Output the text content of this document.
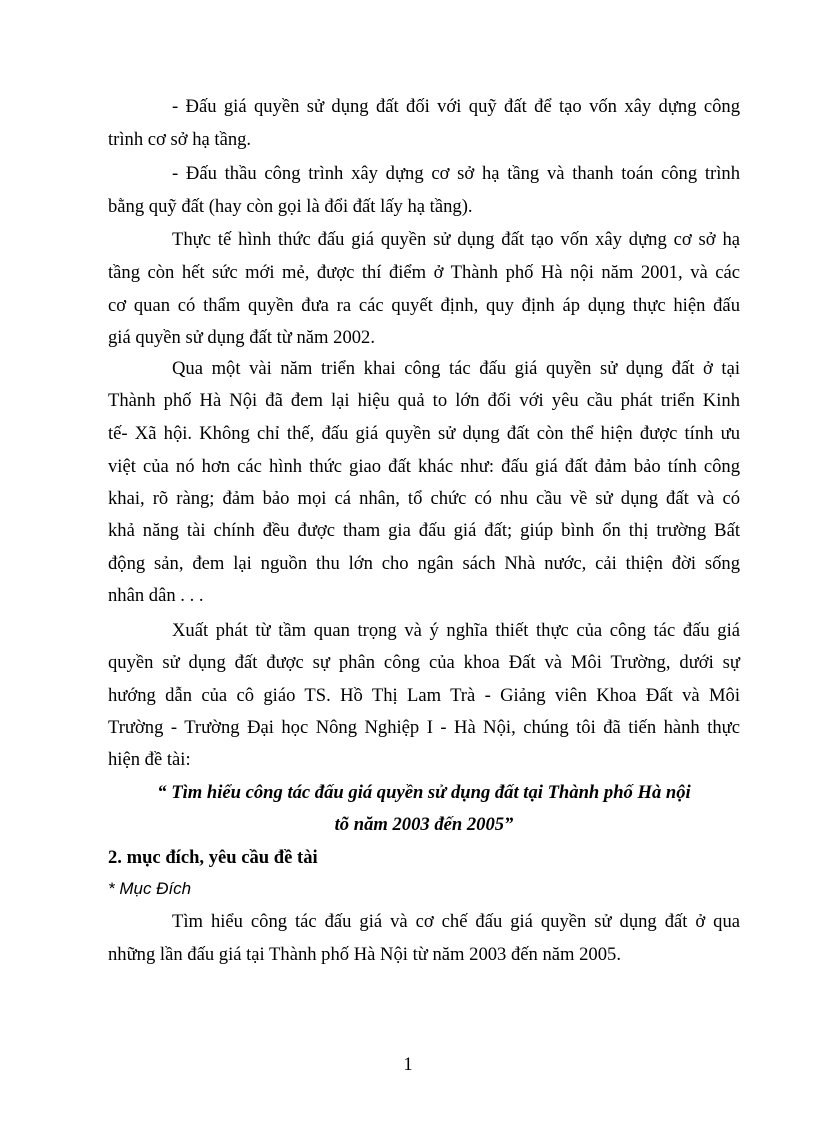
- Đấu giá quyền sử dụng đất đối với quỹ đất để tạo vốn xây dựng công
trình cơ sở hạ tầng.
- Đấu thầu công trình xây dựng cơ sở hạ tầng và thanh toán công trình
bằng quỹ đất (hay còn gọi là đổi đất lấy hạ tầng).
Thực tế hình thức đấu giá quyền sử dụng đất tạo vốn xây dựng cơ sở hạ
tầng còn hết sức mới mẻ, được thí điểm ở Thành phố Hà nội năm 2001, và các
cơ quan có thẩm quyền đưa ra các quyết định, quy định áp dụng thực hiện đấu
giá quyền sử dụng đất từ năm 2002.
Qua một vài năm triển khai công tác đấu giá quyền sử dụng đất ở tại
Thành phố Hà Nội đã đem lại hiệu quả to lớn đối với yêu cầu phát triển Kinh
tế- Xã hội. Không chỉ thế, đấu giá quyền sử dụng đất còn thể hiện được tính ưu
việt của nó hơn các hình thức giao đất khác như: đấu giá đất đảm bảo tính công
khai, rõ ràng; đảm bảo mọi cá nhân, tổ chức có nhu cầu về sử dụng đất và có
khả năng tài chính đều được tham gia đấu giá đất; giúp bình ổn thị trường Bất
động sản, đem lại nguồn thu lớn cho ngân sách Nhà nước, cải thiện đời sống
nhân dân . . .
Xuất phát từ tầm quan trọng và ý nghĩa thiết thực của công tác đấu giá
quyền sử dụng đất được sự phân công của khoa Đất và Môi Trường, dưới sự
hướng dẫn của cô giáo TS. Hồ Thị Lam Trà - Giảng viên Khoa Đất và Môi
Trường - Trường Đại học Nông Nghiệp I - Hà Nội, chúng tôi đã tiến hành thực
hiện đề tài:
“ Tìm hiểu công tác đấu giá quyền sử dụng đất tại Thành phố Hà nội
tõ năm 2003 đến 2005”
2. mục đích, yêu cầu đề tài
* Mục Đích
Tìm hiểu công tác đấu giá và cơ chế đấu giá quyền sử dụng đất ở qua
những lần đấu giá tại Thành phố Hà Nội từ năm 2003 đến năm 2005.
1
